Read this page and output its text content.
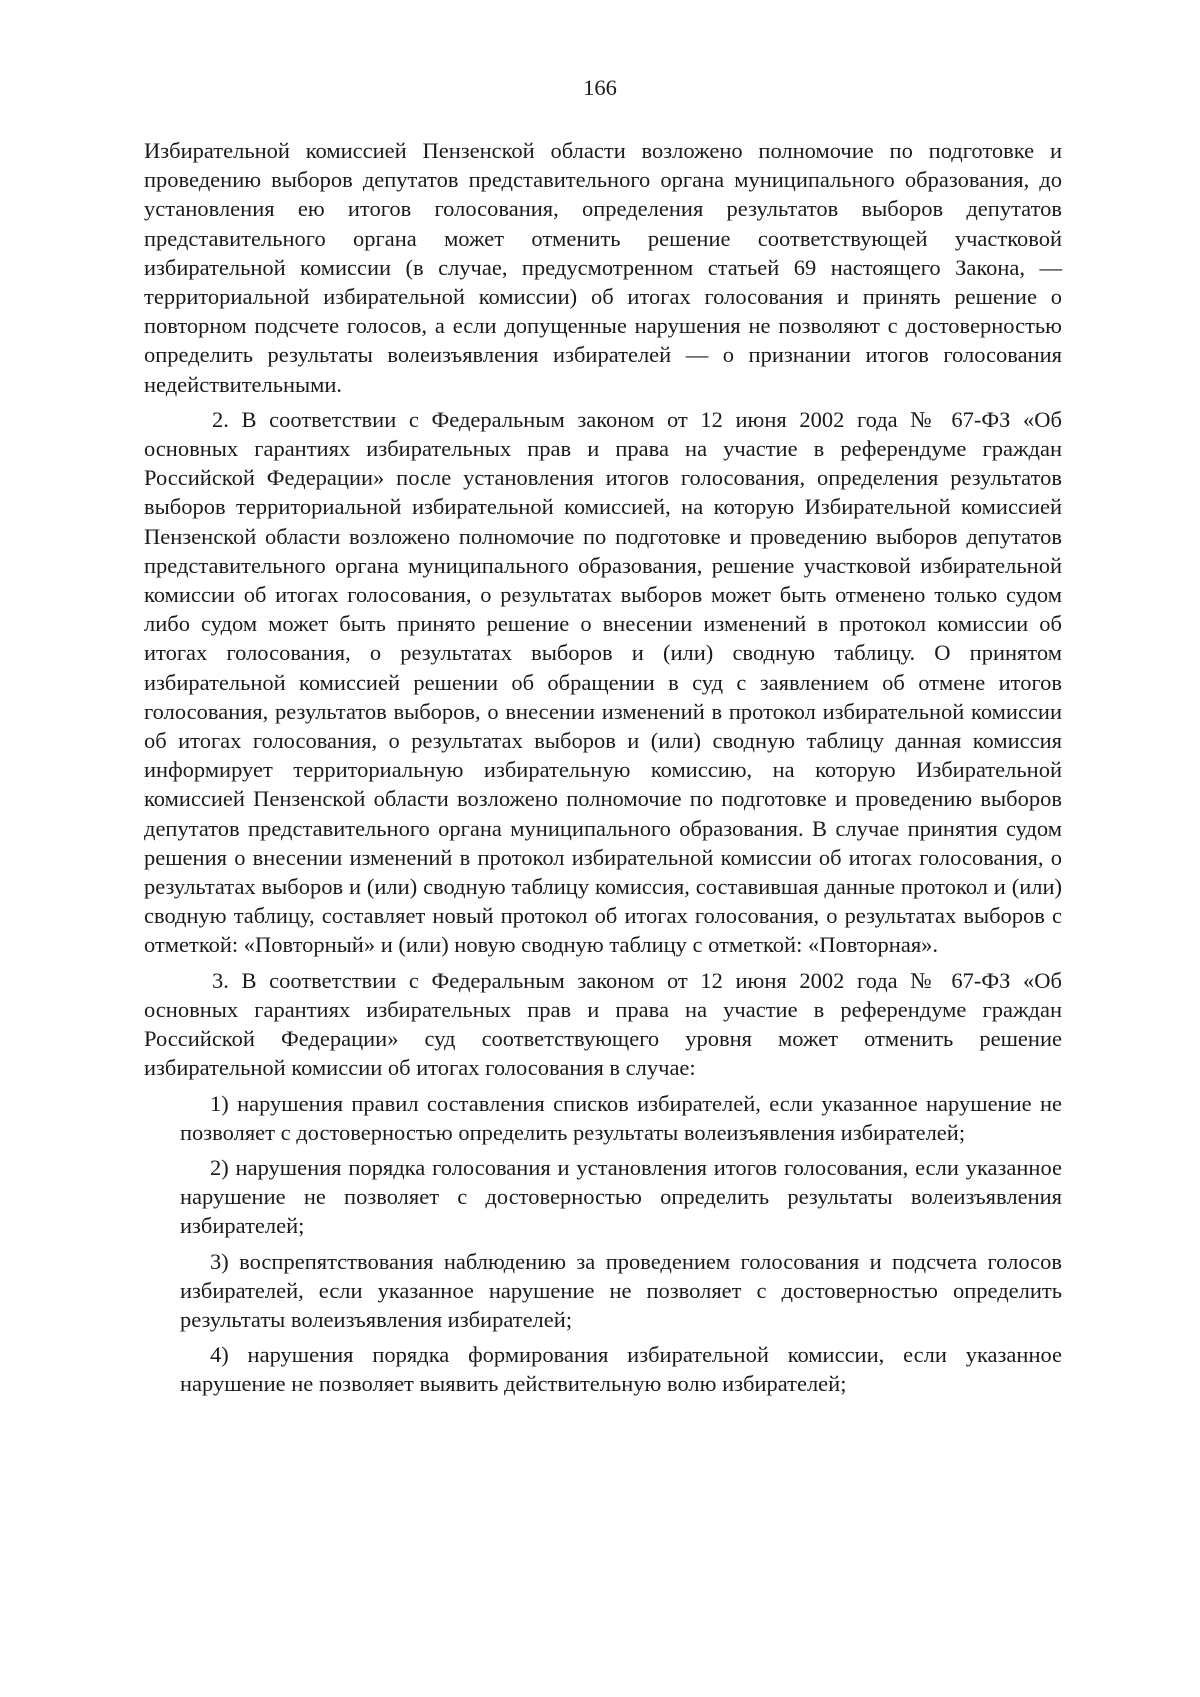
166

Избирательной комиссией Пензенской области возложено полномочие по подготовке и проведению выборов депутатов представительного органа муниципального образования, до установления ею итогов голосования, определения результатов выборов депутатов представительного органа может отменить решение соответствующей участковой избирательной комиссии (в случае, предусмотренном статьей 69 настоящего Закона, — территориальной избирательной комиссии) об итогах голосования и принять решение о повторном подсчете голосов, а если допущенные нарушения не позволяют с достоверностью определить результаты волеизъявления избирателей — о признании итогов голосования недействительными.

2. В соответствии с Федеральным законом от 12 июня 2002 года № 67-ФЗ «Об основных гарантиях избирательных прав и права на участие в референдуме граждан Российской Федерации» после установления итогов голосования, определения результатов выборов территориальной избирательной комиссией, на которую Избирательной комиссией Пензенской области возложено полномочие по подготовке и проведению выборов депутатов представительного органа муниципального образования, решение участковой избирательной комиссии об итогах голосования, о результатах выборов может быть отменено только судом либо судом может быть принято решение о внесении изменений в протокол комиссии об итогах голосования, о результатах выборов и (или) сводную таблицу. О принятом избирательной комиссией решении об обращении в суд с заявлением об отмене итогов голосования, результатов выборов, о внесении изменений в протокол избирательной комиссии об итогах голосования, о результатах выборов и (или) сводную таблицу данная комиссия информирует территориальную избирательную комиссию, на которую Избирательной комиссией Пензенской области возложено полномочие по подготовке и проведению выборов депутатов представительного органа муниципального образования. В случае принятия судом решения о внесении изменений в протокол избирательной комиссии об итогах голосования, о результатах выборов и (или) сводную таблицу комиссия, составившая данные протокол и (или) сводную таблицу, составляет новый протокол об итогах голосования, о результатах выборов с отметкой: «Повторный» и (или) новую сводную таблицу с отметкой: «Повторная».

3. В соответствии с Федеральным законом от 12 июня 2002 года № 67-ФЗ «Об основных гарантиях избирательных прав и права на участие в референдуме граждан Российской Федерации» суд соответствующего уровня может отменить решение избирательной комиссии об итогах голосования в случае:

1) нарушения правил составления списков избирателей, если указанное нарушение не позволяет с достоверностью определить результаты волеизъявления избирателей;

2) нарушения порядка голосования и установления итогов голосования, если указанное нарушение не позволяет с достоверностью определить результаты волеизъявления избирателей;

3) воспрепятствования наблюдению за проведением голосования и подсчета голосов избирателей, если указанное нарушение не позволяет с достоверностью определить результаты волеизъявления избирателей;

4) нарушения порядка формирования избирательной комиссии, если указанное нарушение не позволяет выявить действительную волю избирателей;
